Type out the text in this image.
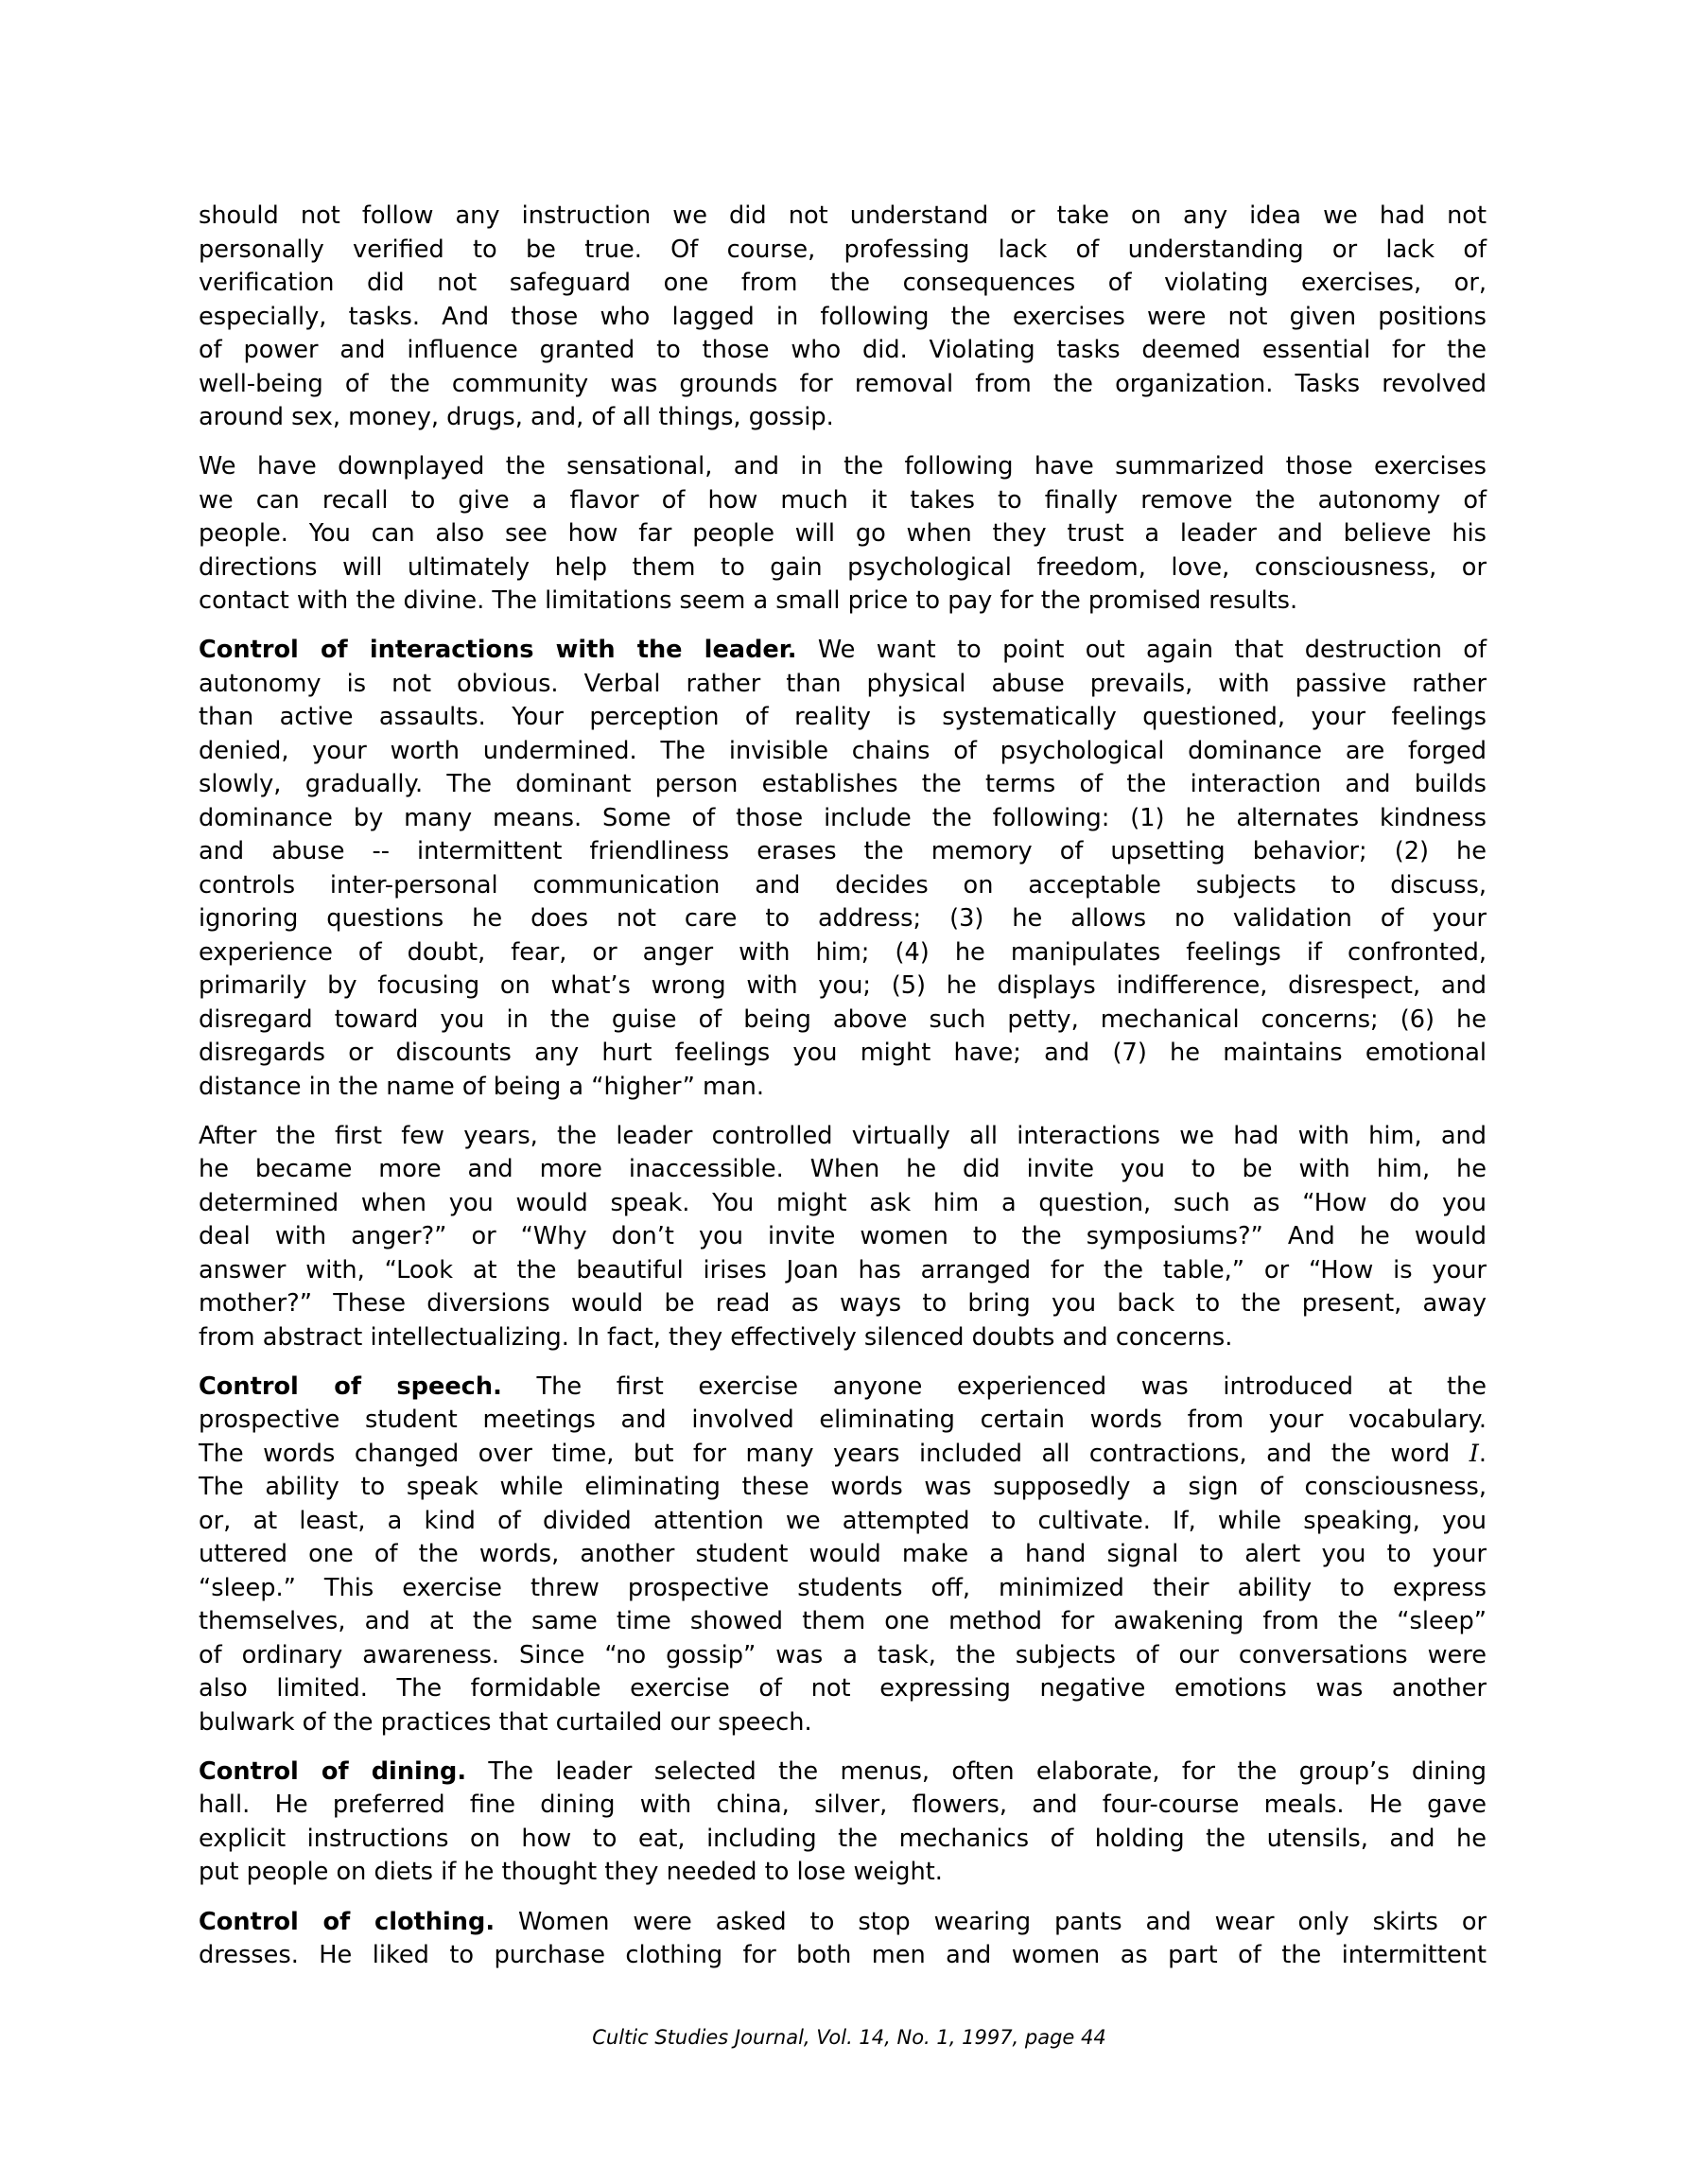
should not follow any instruction we did not understand or take on any idea we had not
personally verified to be true. Of course, professing lack of understanding or lack of
verification did not safeguard one from the consequences of violating exercises, or,
especially, tasks. And those who lagged in following the exercises were not given positions
of power and influence granted to those who did. Violating tasks deemed essential for the
well-being of the community was grounds for removal from the organization. Tasks revolved
around sex, money, drugs, and, of all things, gossip.
We have downplayed the sensational, and in the following have summarized those exercises
we can recall to give a flavor of how much it takes to finally remove the autonomy of
people. You can also see how far people will go when they trust a leader and believe his
directions will ultimately help them to gain psychological freedom, love, consciousness, or
contact with the divine. The limitations seem a small price to pay for the promised results.
Control of interactions with the leader. We want to point out again that destruction of
autonomy is not obvious. Verbal rather than physical abuse prevails, with passive rather
than active assaults. Your perception of reality is systematically questioned, your feelings
denied, your worth undermined. The invisible chains of psychological dominance are forged
slowly, gradually. The dominant person establishes the terms of the interaction and builds
dominance by many means. Some of those include the following: (1) he alternates kindness
and abuse -- intermittent friendliness erases the memory of upsetting behavior; (2) he
controls inter-personal communication and decides on acceptable subjects to discuss,
ignoring questions he does not care to address; (3) he allows no validation of your
experience of doubt, fear, or anger with him; (4) he manipulates feelings if confronted,
primarily by focusing on what’s wrong with you; (5) he displays indifference, disrespect, and
disregard toward you in the guise of being above such petty, mechanical concerns; (6) he
disregards or discounts any hurt feelings you might have; and (7) he maintains emotional
distance in the name of being a “higher” man.
After the first few years, the leader controlled virtually all interactions we had with him, and
he became more and more inaccessible. When he did invite you to be with him, he
determined when you would speak. You might ask him a question, such as “How do you
deal with anger?” or “Why don’t you invite women to the symposiums?” And he would
answer with, “Look at the beautiful irises Joan has arranged for the table,” or “How is your
mother?” These diversions would be read as ways to bring you back to the present, away
from abstract intellectualizing. In fact, they effectively silenced doubts and concerns.
Control of speech. The first exercise anyone experienced was introduced at the
prospective student meetings and involved eliminating certain words from your vocabulary.
The words changed over time, but for many years included all contractions, and the word I.
The ability to speak while eliminating these words was supposedly a sign of consciousness,
or, at least, a kind of divided attention we attempted to cultivate. If, while speaking, you
uttered one of the words, another student would make a hand signal to alert you to your
“sleep.” This exercise threw prospective students off, minimized their ability to express
themselves, and at the same time showed them one method for awakening from the “sleep”
of ordinary awareness. Since “no gossip” was a task, the subjects of our conversations were
also limited. The formidable exercise of not expressing negative emotions was another
bulwark of the practices that curtailed our speech.
Control of dining. The leader selected the menus, often elaborate, for the group’s dining
hall. He preferred fine dining with china, silver, flowers, and four-course meals. He gave
explicit instructions on how to eat, including the mechanics of holding the utensils, and he
put people on diets if he thought they needed to lose weight.
Control of clothing. Women were asked to stop wearing pants and wear only skirts or
dresses. He liked to purchase clothing for both men and women as part of the intermittent
Cultic Studies Journal, Vol. 14, No. 1, 1997, page 44
